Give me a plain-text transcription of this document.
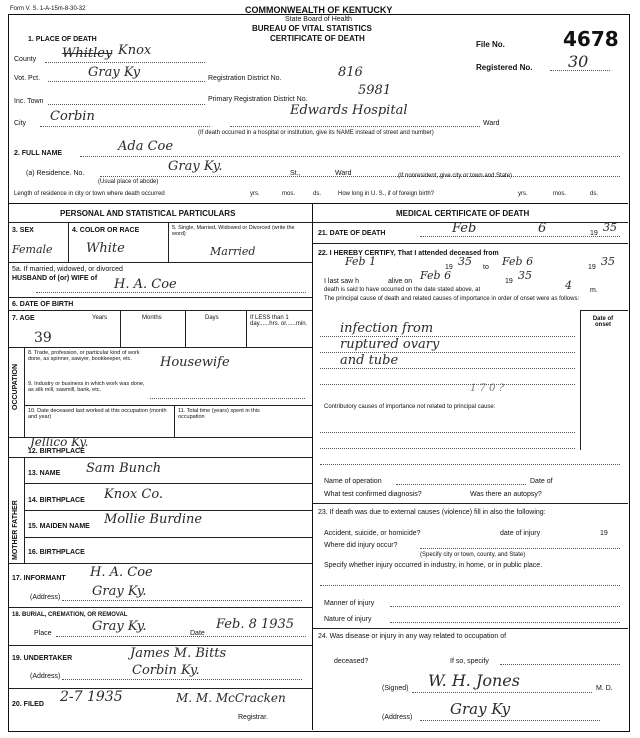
Form V. S. 1-A-15m-8-30-32	COMMONWEALTH OF KENTUCKY
State Board of Health
BUREAU OF VITAL STATISTICS
CERTIFICATE OF DEATH
File No.	4678
Registered No. 30
1. PLACE OF DEATH
County Whitley Knox
Vot. Pct.	Gray Ky	Registration District No.	816
Inc. Town	Primary Registration District No.
5981
City Corbin	Edwards Hospital
Ward
(If death occurred in a hospital or institution, give its NAME instead of street and number)
2. FULL NAME	Ada Coe
(a) Residence. No.	Gray Ky.	St.,	Ward
(Usual place of abode)
(If nonresident, give city or town and State)
Length of residence in city or town where death occurred	yrs.	mos.	ds.	How long in U. S., if of foreign birth?	yrs.	mos.	ds.
PERSONAL AND STATISTICAL PARTICULARS	MEDICAL CERTIFICATE OF DEATH
3. SEX	4. COLOR OR RACE	5. Single, Married, Widowed or Divorced (write the word)
Female	White	Married
5a. If married, widowed, or divorced
HUSBAND of (or) WIFE of H. A. Coe
6. DATE OF BIRTH
7. AGE	Years	Months	Days	If LESS than 1 day......hrs. or......min.
39
OCCUPATION
8. Trade, profession, or particular kind of work done, as spinner, sawyer, bookkeeper, etc.	Housewife
9. Industry or business in which work was done, as silk mill, sawmill, bank, etc.
10. Date deceased last worked at this occupation (month and year)
11. Total time (years) spent in this occupation
12. BIRTHPLACE
Jellico Ky.
MOTHER FATHER
13. NAME Sam Bunch
14. BIRTHPLACE Knox Co.
15. MAIDEN NAME Mollie Burdine
16. BIRTHPLACE
17. INFORMANT H. A. Coe
(Address) Gray Ky.
18. BURIAL, CREMATION, OR REMOVAL
Place	Gray Ky.	Date
Feb. 8 1935
19. UNDERTAKER	James M. Bitts
(Address)	Corbin Ky.
20. FILED 2-7 1935	M. M. McCracken
Registrar.
21. DATE OF DEATH	Feb	6	19 35
22. I HEREBY CERTIFY, That I attended deceased from
Feb 1	19 35 to Feb 6	19 35
I last saw h	alive on Feb 6	19 35
death is said to have occurred on the date stated above, at	4	m.
The principal cause of death and related causes of importance in order of onset were as follows:
Date of onset
infection from
ruptured ovary
and tube
1 7 0 ?
Contributory causes of importance not related to principal cause:
Name of operation	Date of
What test confirmed diagnosis?	Was there an autopsy?
23. If death was due to external causes (violence) fill in also the following:
Accident, suicide, or homicide?	date of injury	19
Where did injury occur?
(Specify city or town, county, and State)
Specify whether injury occurred in industry, in home, or in public place.
Manner of injury
Nature of injury
24. Was disease or injury in any way related to occupation of
deceased?	If so, specify
(Signed) W. H. Jones	M. D.
(Address)	Gray Ky
